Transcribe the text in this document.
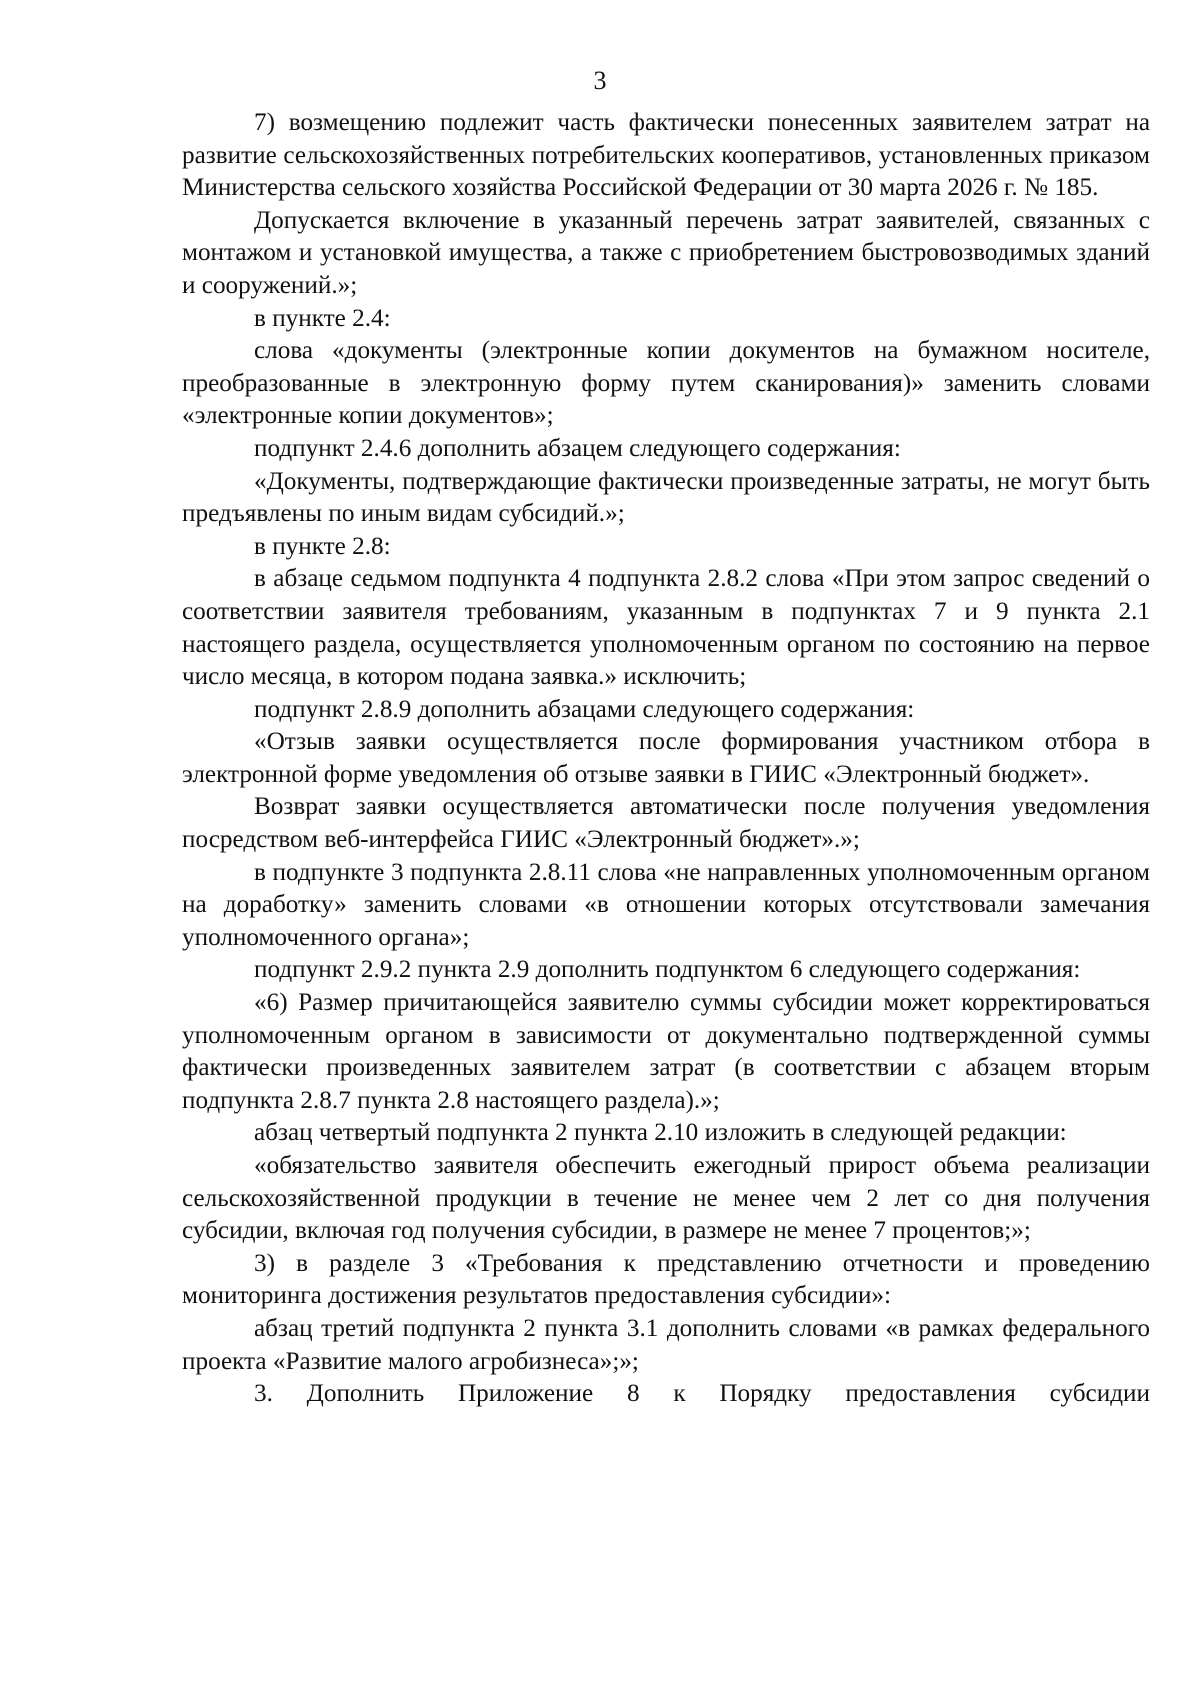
3

7) возмещению подлежит часть фактически понесенных заявителем затрат на развитие сельскохозяйственных потребительских кооперативов, установленных приказом Министерства сельского хозяйства Российской Федерации от 30 марта 2026 г. № 185.

Допускается включение в указанный перечень затрат заявителей, связанных с монтажом и установкой имущества, а также с приобретением быстровозводимых зданий и сооружений.»;

в пункте 2.4:

слова «документы (электронные копии документов на бумажном носителе, преобразованные в электронную форму путем сканирования)» заменить словами «электронные копии документов»;

подпункт 2.4.6 дополнить абзацем следующего содержания:

«Документы, подтверждающие фактически произведенные затраты, не могут быть предъявлены по иным видам субсидий.»;

в пункте 2.8:

в абзаце седьмом подпункта 4 подпункта 2.8.2 слова «При этом запрос сведений о соответствии заявителя требованиям, указанным в подпунктах 7 и 9 пункта 2.1 настоящего раздела, осуществляется уполномоченным органом по состоянию на первое число месяца, в котором подана заявка.» исключить;

подпункт 2.8.9 дополнить абзацами следующего содержания:

«Отзыв заявки осуществляется после формирования участником отбора в электронной форме уведомления об отзыве заявки в ГИИС «Электронный бюджет».

Возврат заявки осуществляется автоматически после получения уведомления посредством веб-интерфейса ГИИС «Электронный бюджет».»;

в подпункте 3 подпункта 2.8.11 слова «не направленных уполномоченным органом на доработку» заменить словами «в отношении которых отсутствовали замечания уполномоченного органа»;

подпункт 2.9.2 пункта 2.9 дополнить подпунктом 6 следующего содержания:

«6) Размер причитающейся заявителю суммы субсидии может корректироваться уполномоченным органом в зависимости от документально подтвержденной суммы фактически произведенных заявителем затрат (в соответствии с абзацем вторым подпункта 2.8.7 пункта 2.8 настоящего раздела).»;

абзац четвертый подпункта 2 пункта 2.10 изложить в следующей редакции:

«обязательство заявителя обеспечить ежегодный прирост объема реализации сельскохозяйственной продукции в течение не менее чем 2 лет со дня получения субсидии, включая год получения субсидии, в размере не менее 7 процентов;»;

3) в разделе 3 «Требования к представлению отчетности и проведению мониторинга достижения результатов предоставления субсидии»:

абзац третий подпункта 2 пункта 3.1 дополнить словами «в рамках федерального проекта «Развитие малого агробизнеса»;»;

3. Дополнить Приложение 8 к Порядку предоставления субсидии
